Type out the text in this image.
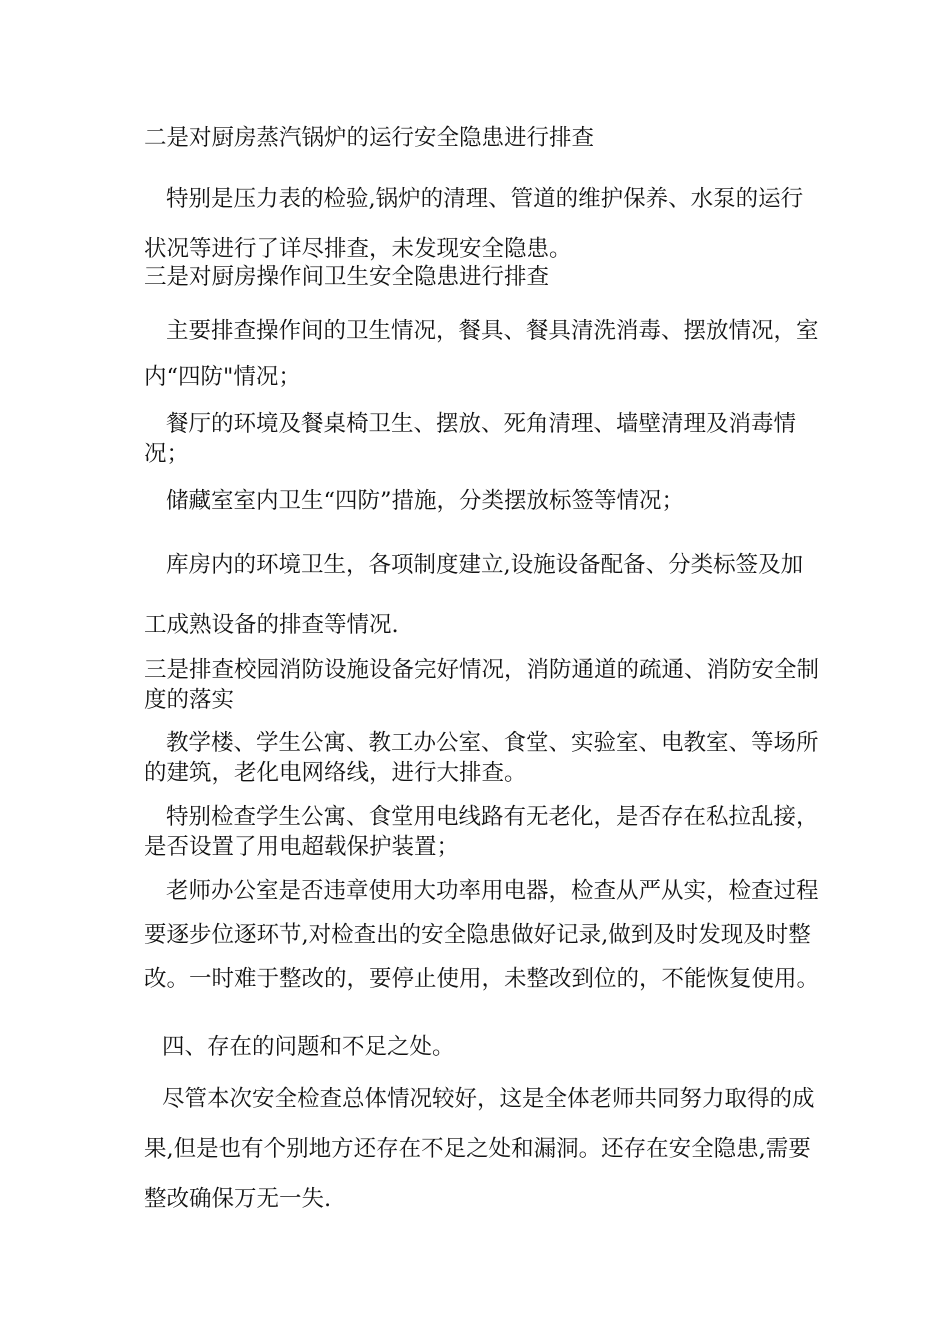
二是对厨房蒸汽锅炉的运行安全隐患进行排查

特别是压力表的检验,锅炉的清理、管道的维护保养、水泵的运行状况等进行了详尽排查，未发现安全隐患。

三是对厨房操作间卫生安全隐患进行排查

主要排查操作间的卫生情况，餐具、餐具清洗消毒、摆放情况，室内“四防"情况；

餐厅的环境及餐桌椅卫生、摆放、死角清理、墙壁清理及消毒情况；

储藏室室内卫生“四防”措施，分类摆放标签等情况；

库房内的环境卫生，各项制度建立,设施设备配备、分类标签及加工成熟设备的排查等情况.

三是排查校园消防设施设备完好情况，消防通道的疏通、消防安全制度的落实

教学楼、学生公寓、教工办公室、食堂、实验室、电教室、等场所的建筑，老化电网络线，进行大排查。

特别检查学生公寓、食堂用电线路有无老化，是否存在私拉乱接，是否设置了用电超载保护装置；

老师办公室是否违章使用大功率用电器，检查从严从实，检查过程要逐步位逐环节,对检查出的安全隐患做好记录,做到及时发现及时整改。一时难于整改的，要停止使用，未整改到位的，不能恢复使用。

四、存在的问题和不足之处。

尽管本次安全检查总体情况较好，这是全体老师共同努力取得的成果,但是也有个别地方还存在不足之处和漏洞。还存在安全隐患,需要整改确保万无一失.
